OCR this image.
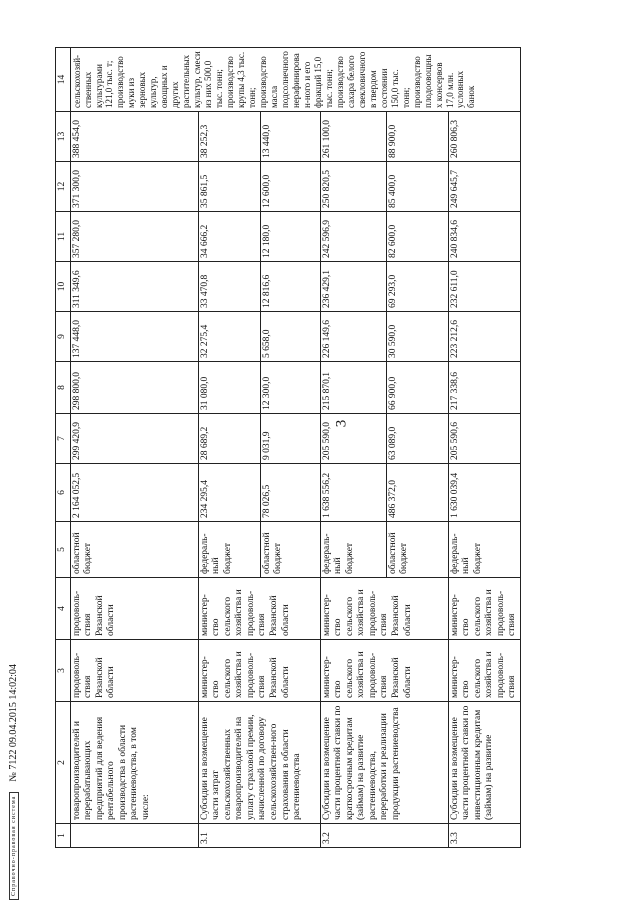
3
1	2	3	4	5	6	7	8	9	10	11	12	13	14
	товаропроизводителей и перерабатывающих предприятий для ведения рентабельного производства в области растениеводства, в том числе:	продоволь-ствия Рязанской области	продоволь-ствия Рязанской области	областной бюджет	2 164 052,5	299 420,9	298 800,0	137 448,0	311 349,6	357 280,0	371 300,0	388 454,0	сельскохозяй-ственных культурами 121,0 тыс. т; производство муки из зерновых культур, овощных и других растительных культур, смеси из них 500,0 тыс. тонн; производство крупы 4,3 тыс. тонн; производство масла подсолнечного нерафинирован-ного и его фракций 15,0 тыс. тонн; производство сахара белого свекловичного в твердом состоянии 150,0 тыс. тонн; производство плодоовощных консервов 17,0 млн. условных банок
3.1	Субсидии на возмещение части затрат сельскохозяйственных товаропроизводителей на уплату страховой премии, начисленной по договору сельскохозяйствен-ного страхования в области растениеводства	министер-ство сельского хозяйства и продоволь-ствия Рязанской области	министер-ство сельского хозяйства и продоволь-ствия Рязанской области	федераль-ный бюджет	234 295,4	28 689,2	31 080,0	32 275,4	33 470,8	34 666,2	35 861,5	38 252,3	
				областной бюджет	78 026,5	9 031,9	12 300,0	5 658,0	12 816,6	12 180,0	12 600,0	13 440,0	
3.2	Субсидии на возмещение части процентной ставки по краткосрочным кредитам (займам) на развитие растениеводства, переработки и реализации продукции растениеводства	министер-ство сельского хозяйства и продоволь-ствия Рязанской области	министер-ство сельского хозяйства и продоволь-ствия Рязанской области	федераль-ный бюджет	1 638 556,2	205 590,0	215 870,1	226 149,6	236 429,1	242 596,9	250 820,5	261 100,0	
				областной бюджет	486 372,0	63 089,0	66 900,0	30 590,0	69 293,0	82 600,0	85 400,0	88 900,0	
3.3	Субсидии на возмещение части процентной ставки по инвестиционным кредитам (займам) на развитие	министер-ство сельского хозяйства и продоволь-ствия	министер-ство сельского хозяйства и продоволь-ствия	федераль-ный бюджет	1 630 039,4	205 590,6	217 338,6	223 212,6	232 611,0	240 834,6	249 645,7	260 806,3	
Справочно-правовая система
№ 7122 09.04.2015 14:02:04
